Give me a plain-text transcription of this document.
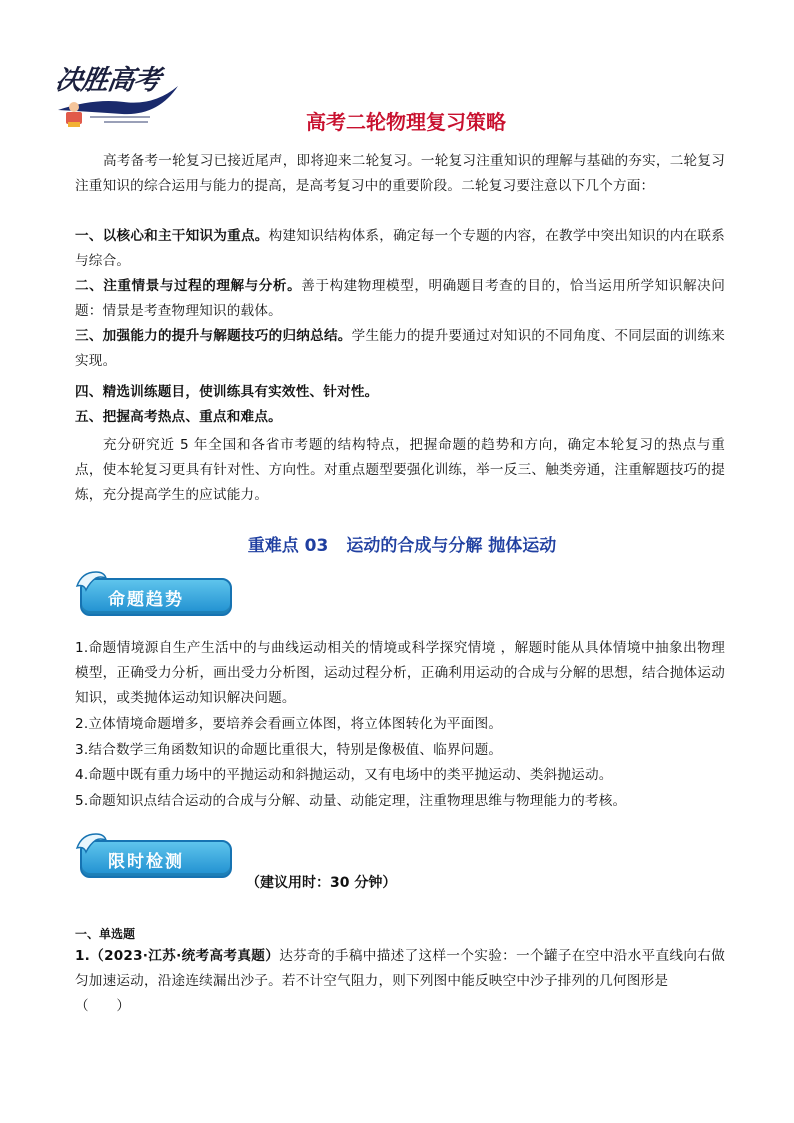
决胜高考
高考二轮物理复习策略

高考备考一轮复习已接近尾声，即将迎来二轮复习。一轮复习注重知识的理解与基础的夯实，二轮复习注重知识的综合运用与能力的提高，是高考复习中的重要阶段。二轮复习要注意以下几个方面：

一、以核心和主干知识为重点。构建知识结构体系，确定每一个专题的内容，在教学中突出知识的内在联系与综合。

二、注重情景与过程的理解与分析。善于构建物理模型，明确题目考查的目的，恰当运用所学知识解决问题：情景是考查物理知识的载体。

三、加强能力的提升与解题技巧的归纳总结。学生能力的提升要通过对知识的不同角度、不同层面的训练来实现。

四、精选训练题目，使训练具有实效性、针对性。

五、把握高考热点、重点和难点。

充分研究近 5 年全国和各省市考题的结构特点，把握命题的趋势和方向，确定本轮复习的热点与重点，使本轮复习更具有针对性、方向性。对重点题型要强化训练，举一反三、触类旁通，注重解题技巧的提炼，充分提高学生的应试能力。

重难点 03 运动的合成与分解 抛体运动
命题趋势

1.命题情境源自生产生活中的与曲线运动相关的情境或科学探究情境 ，解题时能从具体情境中抽象出物理模型，正确受力分析，画出受力分析图，运动过程分析，正确利用运动的合成与分解的思想，结合抛体运动知识，或类抛体运动知识解决问题。

2.立体情境命题增多，要培养会看画立体图，将立体图转化为平面图。

3.结合数学三角函数知识的命题比重很大，特别是像极值、临界问题。

4.命题中既有重力场中的平抛运动和斜抛运动，又有电场中的类平抛运动、类斜抛运动。

5.命题知识点结合运动的合成与分解、动量、动能定理，注重物理思维与物理能力的考核。

限时检测
（建议用时：30 分钟）
一、单选题

1.（2023·江苏·统考高考真题）达芬奇的手稿中描述了这样一个实验：一个罐子在空中沿水平直线向右做匀加速运动，沿途连续漏出沙子。若不计空气阻力，则下列图中能反映空中沙子排列的几何图形是
（　　）
